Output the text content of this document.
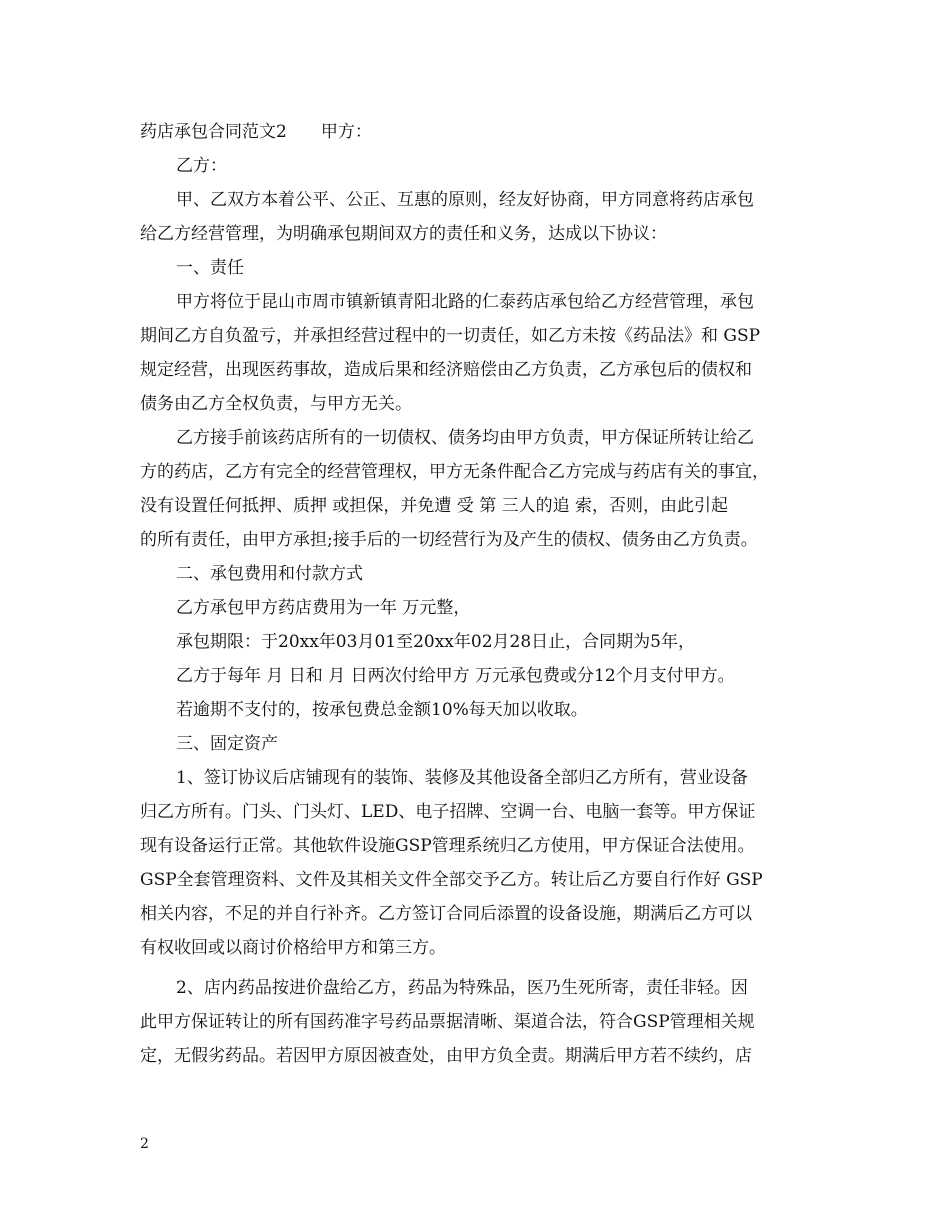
药店承包合同范文2　　甲方：
乙方：
甲、乙双方本着公平、公正、互惠的原则，经友好协商，甲方同意将药店承包
给乙方经营管理，为明确承包期间双方的责任和义务，达成以下协议：
一、责任
甲方将位于昆山市周市镇新镇青阳北路的仁泰药店承包给乙方经营管理，承包
期间乙方自负盈亏，并承担经营过程中的一切责任，如乙方未按《药品法》和 GSP
规定经营，出现医药事故，造成后果和经济赔偿由乙方负责，乙方承包后的债权和
债务由乙方全权负责，与甲方无关。
乙方接手前该药店所有的一切债权、债务均由甲方负责，甲方保证所转让给乙
方的药店，乙方有完全的经营管理权，甲方无条件配合乙方完成与药店有关的事宜，
没有设置任何抵押、质押 或担保，并免遭 受 第 三人的追 索，否则，由此引起
的所有责任，由甲方承担;接手后的一切经营行为及产生的债权、债务由乙方负责。
二、承包费用和付款方式
乙方承包甲方药店费用为一年 万元整，
承包期限：于20xx年03月01至20xx年02月28日止，合同期为5年，
乙方于每年 月 日和 月 日两次付给甲方 万元承包费或分12个月支付甲方。
若逾期不支付的，按承包费总金额10%每天加以收取。
三、固定资产
1、签订协议后店铺现有的装饰、装修及其他设备全部归乙方所有，营业设备
归乙方所有。门头、门头灯、LED、电子招牌、空调一台、电脑一套等。甲方保证
现有设备运行正常。其他软件设施GSP管理系统归乙方使用，甲方保证合法使用。
GSP全套管理资料、文件及其相关文件全部交予乙方。转让后乙方要自行作好 GSP
相关内容，不足的并自行补齐。乙方签订合同后添置的设备设施，期满后乙方可以
有权收回或以商讨价格给甲方和第三方。
2、店内药品按进价盘给乙方，药品为特殊品，医乃生死所寄，责任非轻。因
此甲方保证转让的所有国药准字号药品票据清晰、渠道合法，符合GSP管理相关规
定，无假劣药品。若因甲方原因被查处，由甲方负全责。期满后甲方若不续约，店
2
